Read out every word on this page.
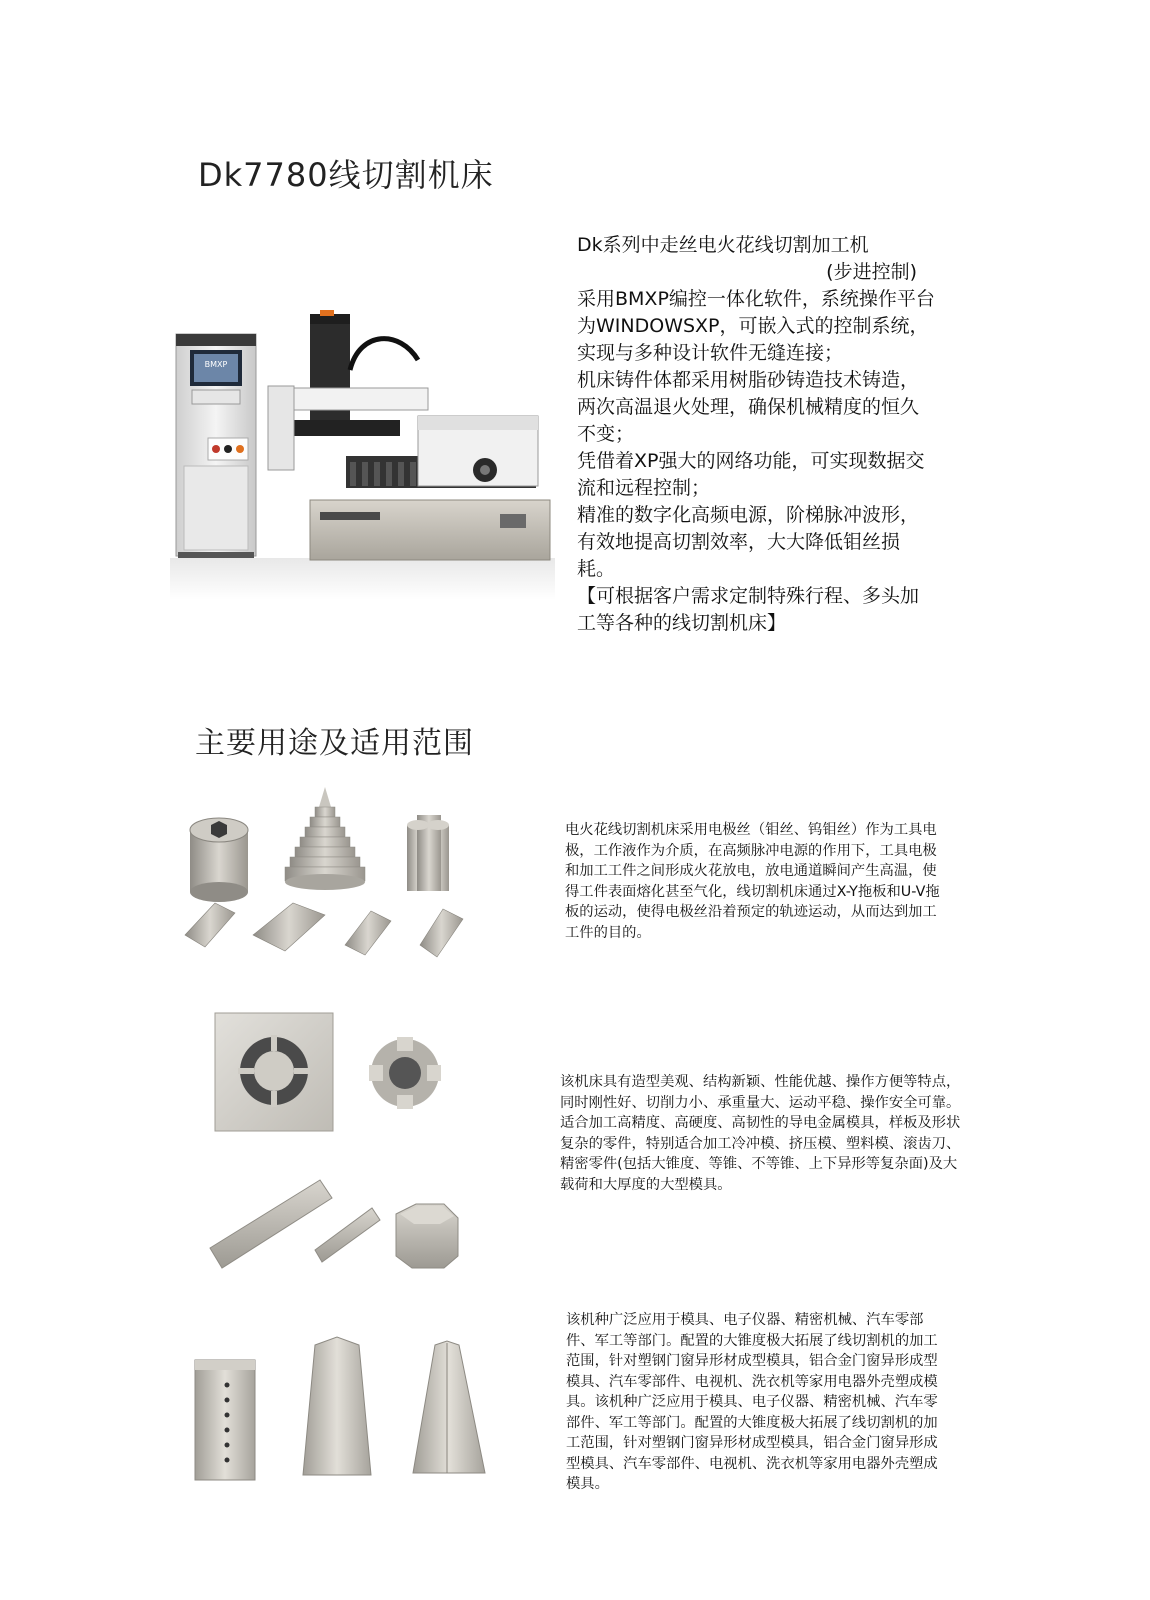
Dk7780线切割机床
BMXP

Dk系列中走丝电火花线切割加工机

(步进控制)

采用BMXP编控一体化软件，系统操作平台为WINDOWSXP，可嵌入式的控制系统，实现与多种设计软件无缝连接；

机床铸件体都采用树脂砂铸造技术铸造，两次高温退火处理，确保机械精度的恒久不变；

凭借着XP强大的网络功能，可实现数据交流和远程控制；

精准的数字化高频电源，阶梯脉冲波形，有效地提高切割效率，大大降低钼丝损耗。

【可根据客户需求定制特殊行程、多头加工等各种的线切割机床】

主要用途及适用范围
电火花线切割机床采用电极丝（钼丝、钨钼丝）作为工具电极，工作液作为介质，在高频脉冲电源的作用下，工具电极和加工工件之间形成火花放电，放电通道瞬间产生高温，使得工件表面熔化甚至气化，线切割机床通过X-Y拖板和U-V拖板的运动，使得电极丝沿着预定的轨迹运动，从而达到加工工件的目的。
该机床具有造型美观、结构新颖、性能优越、操作方便等特点，同时刚性好、切削力小、承重量大、运动平稳、操作安全可靠。适合加工高精度、高硬度、高韧性的导电金属模具，样板及形状复杂的零件，特别适合加工冷冲模、挤压模、塑料模、滚齿刀、精密零件(包括大锥度、等锥、不等锥、上下异形等复杂面)及大载荷和大厚度的大型模具。
该机种广泛应用于模具、电子仪器、精密机械、汽车零部件、军工等部门。配置的大锥度极大拓展了线切割机的加工范围，针对塑钢门窗异形材成型模具，铝合金门窗异形成型模具、汽车零部件、电视机、洗衣机等家用电器外壳塑成模具。该机种广泛应用于模具、电子仪器、精密机械、汽车零部件、军工等部门。配置的大锥度极大拓展了线切割机的加工范围，针对塑钢门窗异形材成型模具，铝合金门窗异形成型模具、汽车零部件、电视机、洗衣机等家用电器外壳塑成模具。
